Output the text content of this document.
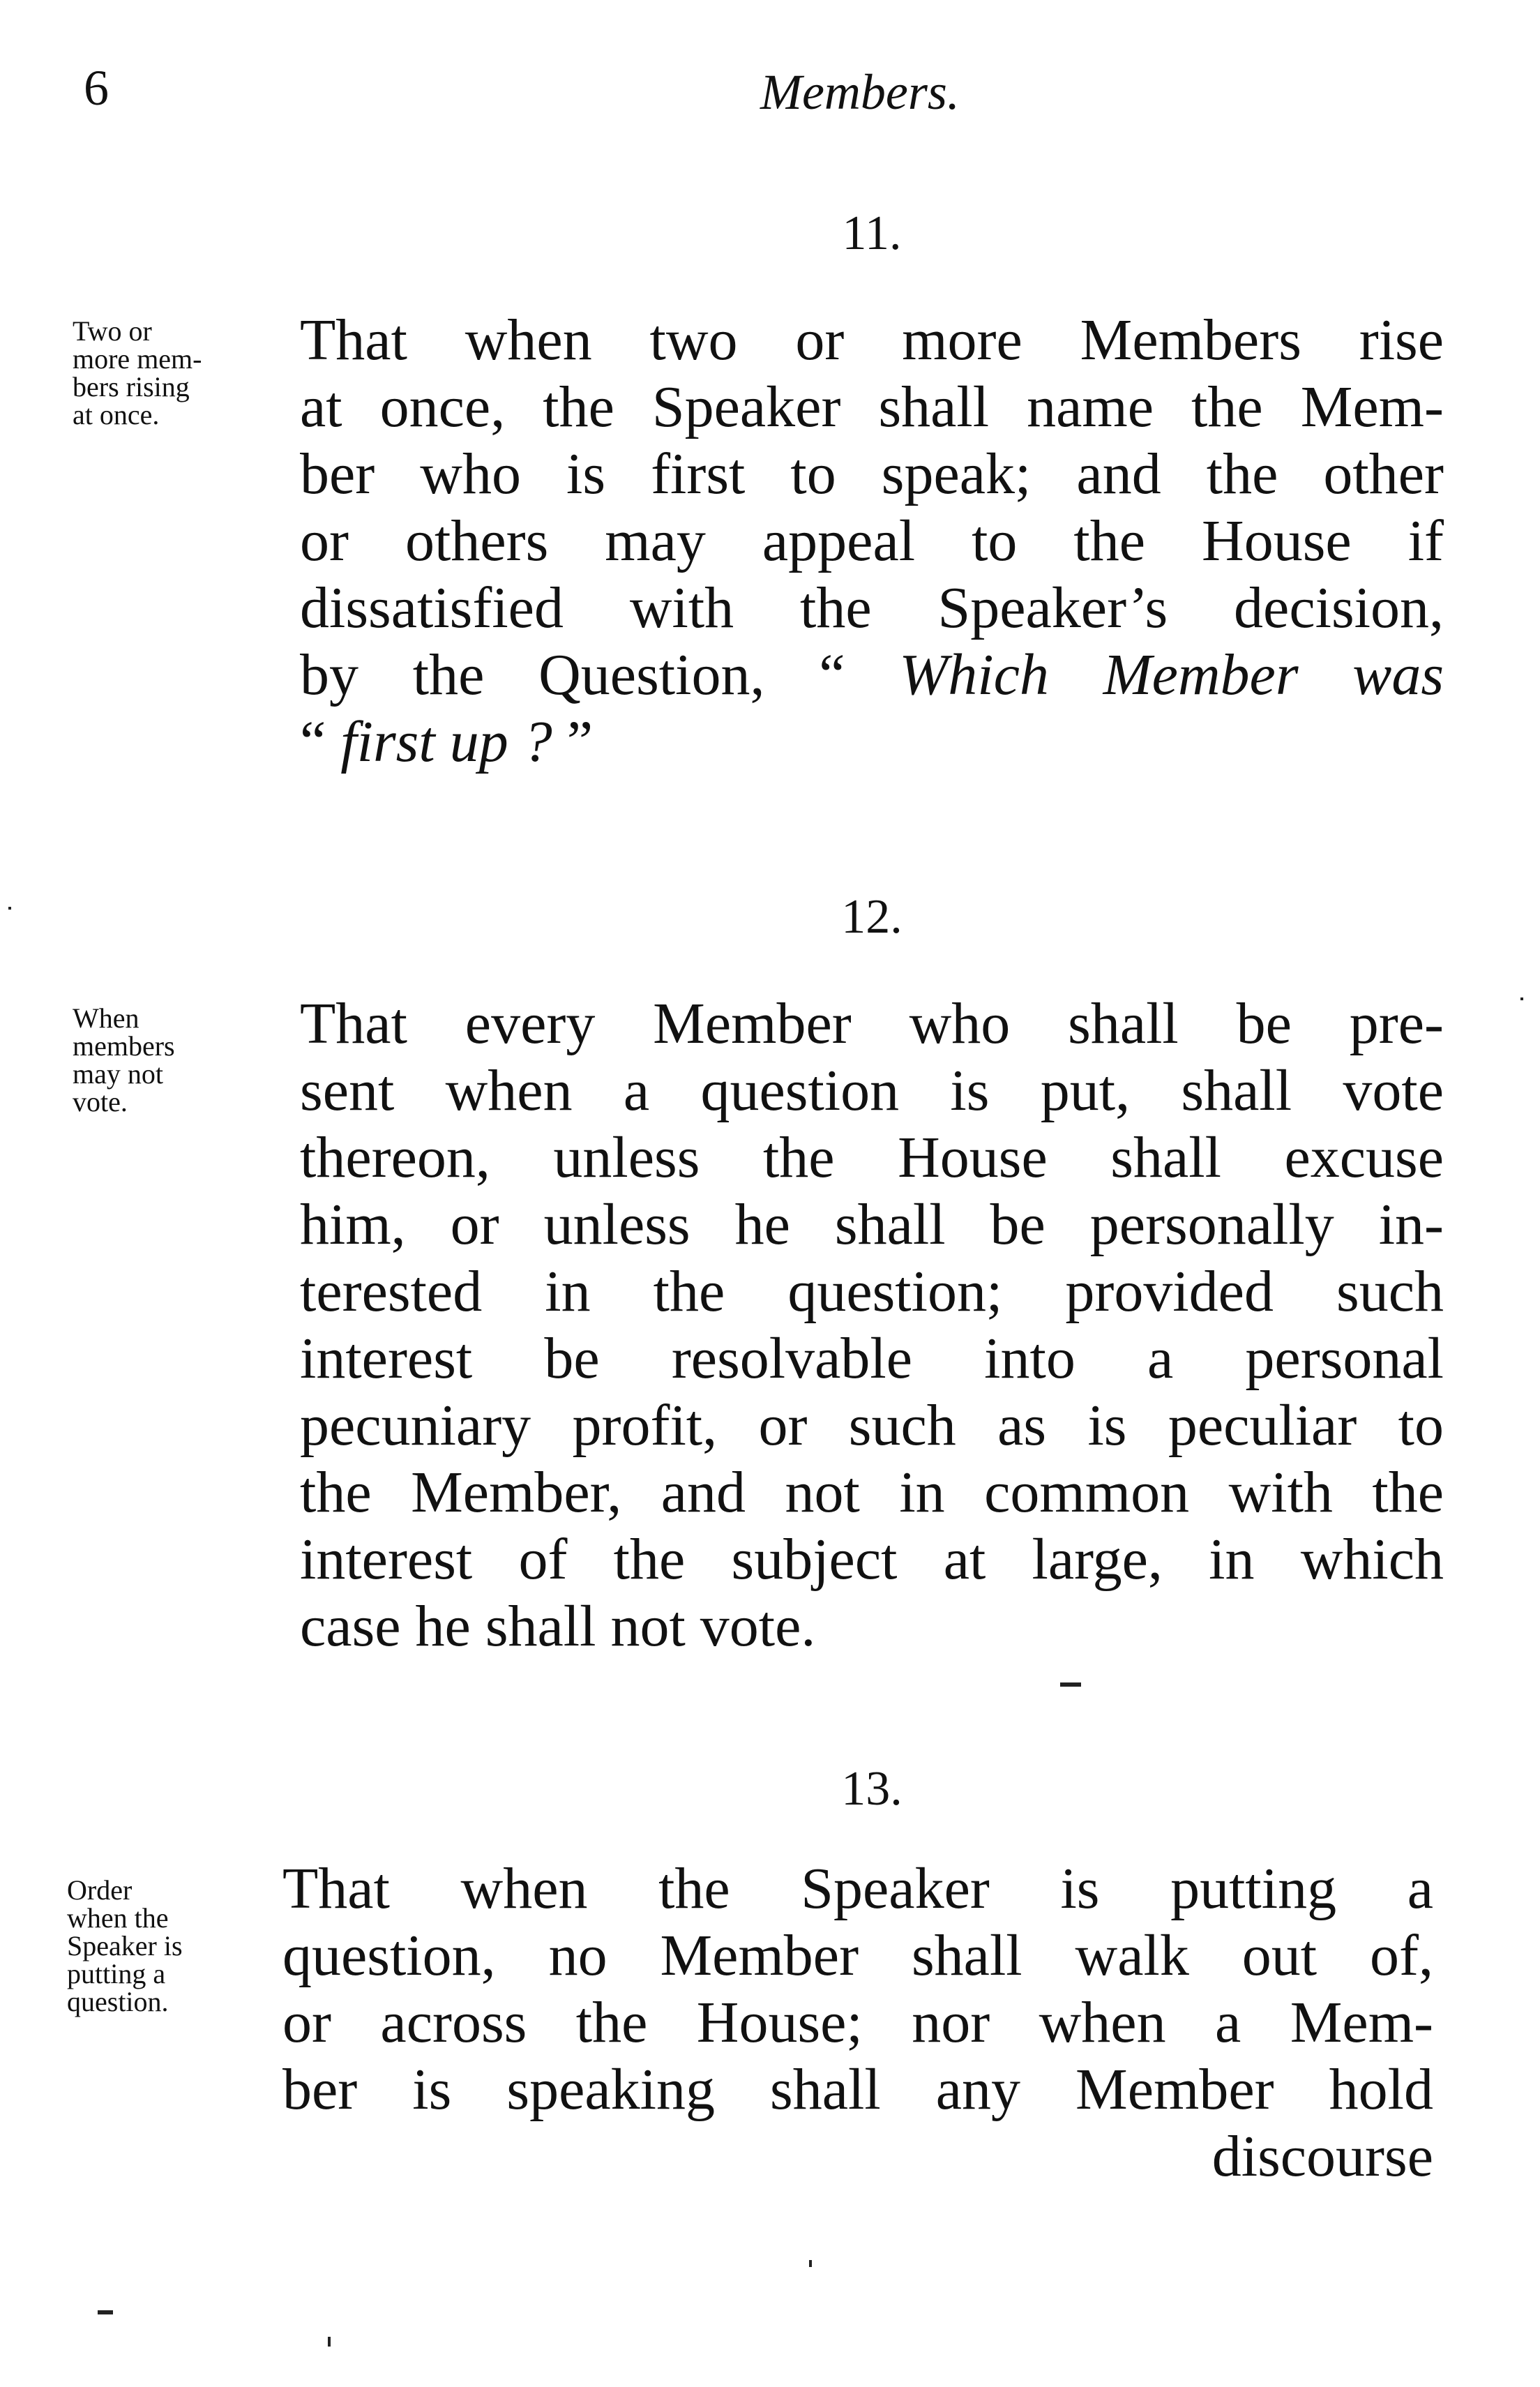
6	Members.
11.
Two or
more mem-
bers rising
at once.
That when two or more Members rise
at once, the Speaker shall name the Mem-
ber who is first to speak; and the other
or others may appeal to the House if
dissatisfied with the Speaker’s decision,
by the Question, “ Which Member was
“ first up ? ”
12.
When
members
may not
vote.
That every Member who shall be pre-
sent when a question is put, shall vote
thereon, unless the House shall excuse
him, or unless he shall be personally in-
terested in the question; provided such
interest be resolvable into a personal
pecuniary profit, or such as is peculiar to
the Member, and not in common with the
interest of the subject at large, in which
case he shall not vote.
13.
Order
when the
Speaker is
putting a
question.
That when the Speaker is putting a
question, no Member shall walk out of,
or across the House; nor when a Mem-
ber is speaking shall any Member hold
discourse
